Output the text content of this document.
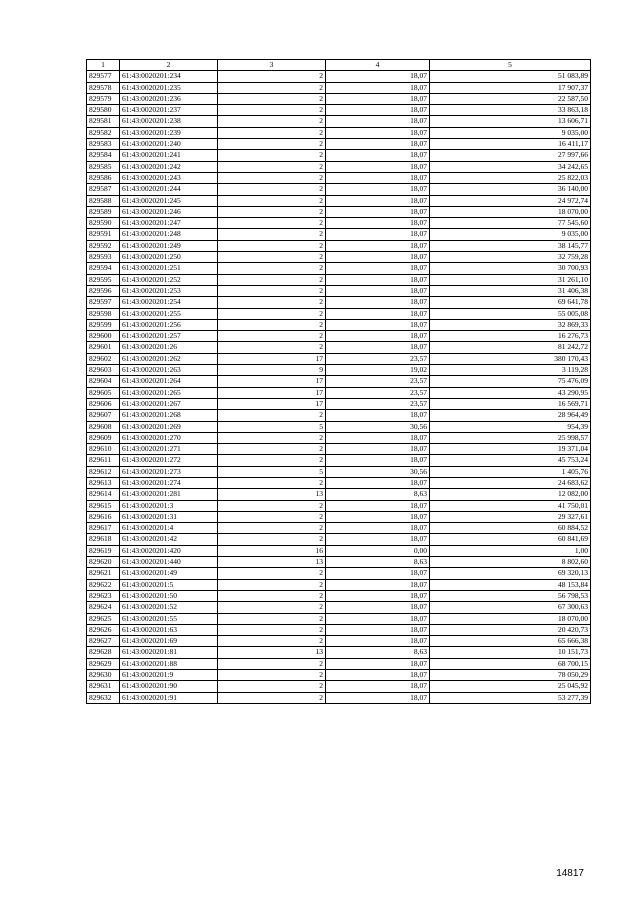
1	2	3	4	5
829577	61:43:0020201:234	2	18,07	51 083,89
829578	61:43:0020201:235	2	18,07	17 907,37
829579	61:43:0020201:236	2	18,07	22 587,50
829580	61:43:0020201:237	2	18,07	33 863,18
829581	61:43:0020201:238	2	18,07	13 606,71
829582	61:43:0020201:239	2	18,07	9 035,00
829583	61:43:0020201:240	2	18,07	16 411,17
829584	61:43:0020201:241	2	18,07	27 997,66
829585	61:43:0020201:242	2	18,07	34 242,65
829586	61:43:0020201:243	2	18,07	25 822,03
829587	61:43:0020201:244	2	18,07	36 140,00
829588	61:43:0020201:245	2	18,07	24 972,74
829589	61:43:0020201:246	2	18,07	18 070,00
829590	61:43:0020201:247	2	18,07	77 545,60
829591	61:43:0020201:248	2	18,07	9 035,00
829592	61:43:0020201:249	2	18,07	38 145,77
829593	61:43:0020201:250	2	18,07	32 759,28
829594	61:43:0020201:251	2	18,07	30 700,93
829595	61:43:0020201:252	2	18,07	31 261,10
829596	61:43:0020201:253	2	18,07	31 406,38
829597	61:43:0020201:254	2	18,07	69 641,78
829598	61:43:0020201:255	2	18,07	55 005,08
829599	61:43:0020201:256	2	18,07	32 869,33
829600	61:43:0020201:257	2	18,07	16 276,73
829601	61:43:0020201:26	2	18,07	81 242,72
829602	61:43:0020201:262	17	23,57	380 170,43
829603	61:43:0020201:263	9	19,02	3 119,28
829604	61:43:0020201:264	17	23,57	75 476,09
829605	61:43:0020201:265	17	23,57	43 290,95
829606	61:43:0020201:267	17	23,57	16 569,71
829607	61:43:0020201:268	2	18,07	28 964,49
829608	61:43:0020201:269	5	30,56	954,39
829609	61:43:0020201:270	2	18,07	25 998,57
829610	61:43:0020201:271	2	18,07	19 371,04
829611	61:43:0020201:272	2	18,07	45 753,24
829612	61:43:0020201:273	5	30,56	1 405,76
829613	61:43:0020201:274	2	18,07	24 683,62
829614	61:43:0020201:281	13	8,63	12 082,00
829615	61:43:0020201:3	2	18,07	41 750,01
829616	61:43:0020201:31	2	18,07	29 327,61
829617	61:43:0020201:4	2	18,07	60 884,52
829618	61:43:0020201:42	2	18,07	60 841,69
829619	61:43:0020201:420	16	0,00	1,00
829620	61:43:0020201:440	13	8,63	8 802,60
829621	61:43:0020201:49	2	18,07	69 320,13
829622	61:43:0020201:5	2	18,07	48 153,84
829623	61:43:0020201:50	2	18,07	56 798,53
829624	61:43:0020201:52	2	18,07	67 300,63
829625	61:43:0020201:55	2	18,07	18 070,00
829626	61:43:0020201:63	2	18,07	20 420,73
829627	61:43:0020201:69	2	18,07	65 666,38
829628	61:43:0020201:81	13	8,63	10 151,73
829629	61:43:0020201:88	2	18,07	68 700,15
829630	61:43:0020201:9	2	18,07	78 050,29
829631	61:43:0020201:90	2	18,07	25 045,92
829632	61:43:0020201:91	2	18,07	53 277,39
14817
